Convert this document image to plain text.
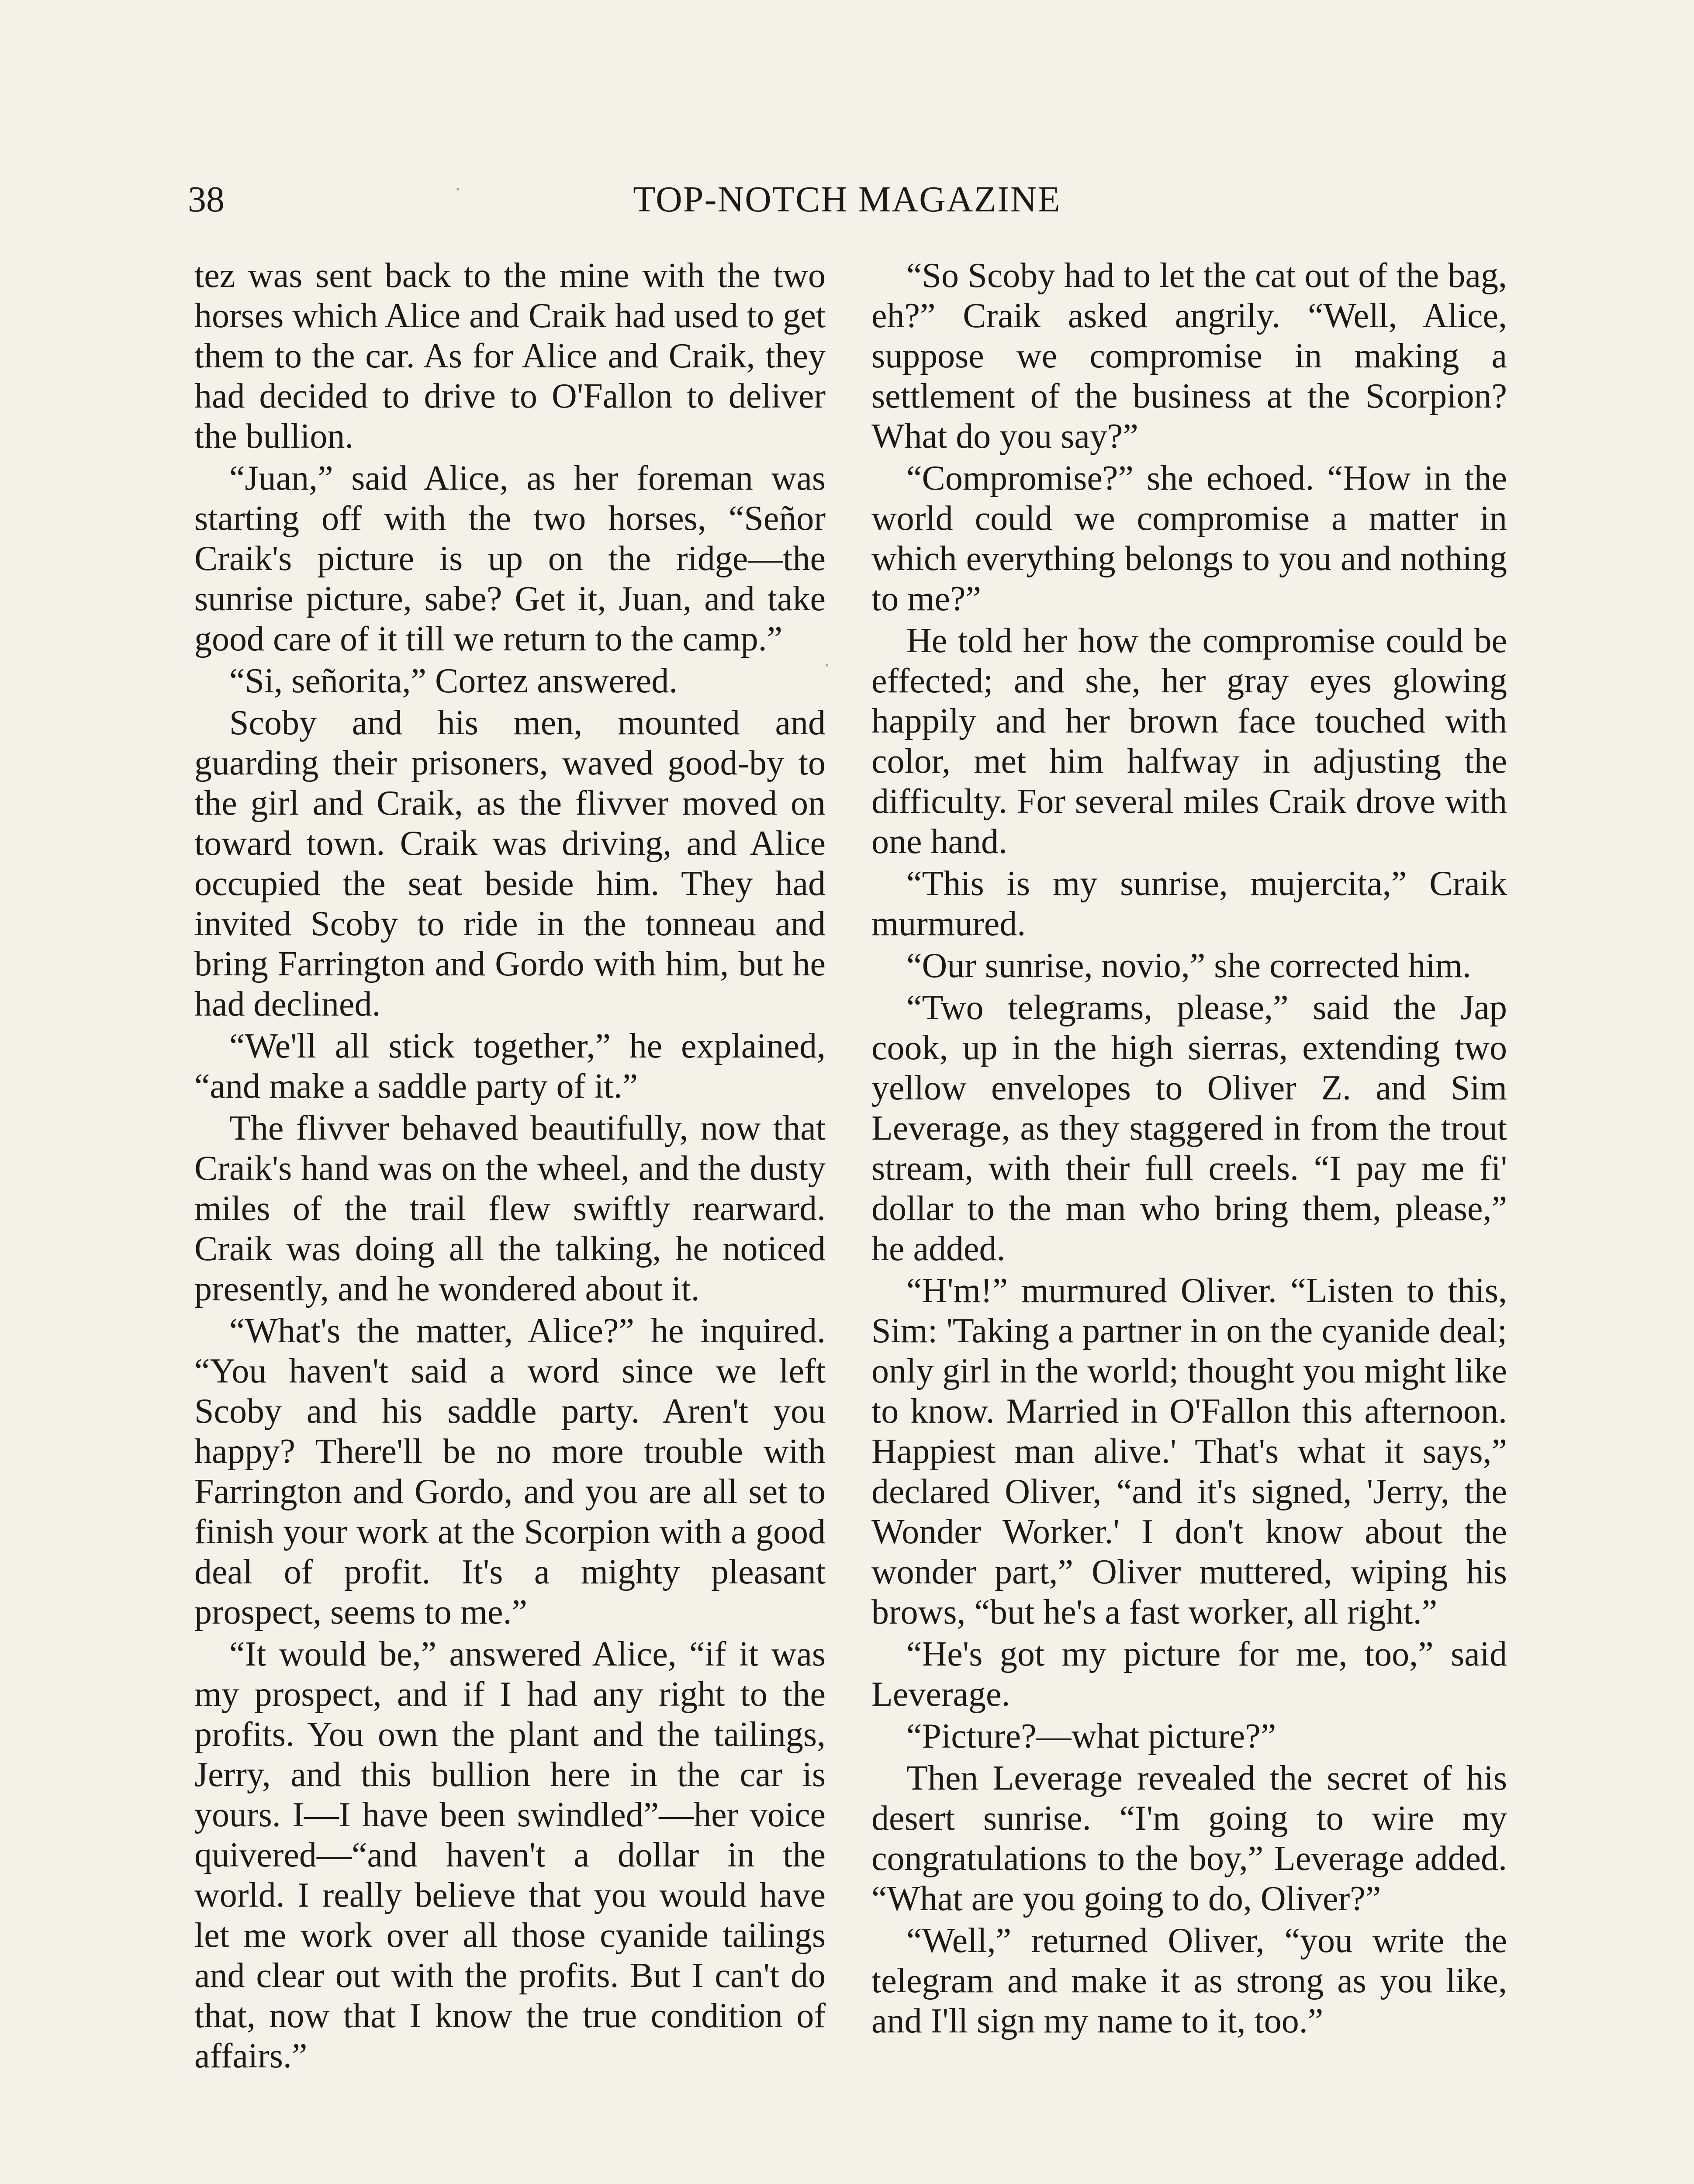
38	TOP-NOTCH MAGAZINE

tez was sent back to the mine with the two horses which Alice and Craik had used to get them to the car. As for Alice and Craik, they had decided to drive to O'Fallon to deliver the bullion.

“Juan,” said Alice, as her foreman was starting off with the two horses, “Señor Craik's picture is up on the ridge—the sunrise picture, sabe? Get it, Juan, and take good care of it till we return to the camp.”

“Si, señorita,” Cortez answered.

Scoby and his men, mounted and guarding their prisoners, waved good-by to the girl and Craik, as the flivver moved on toward town. Craik was driving, and Alice occupied the seat beside him. They had invited Scoby to ride in the tonneau and bring Farrington and Gordo with him, but he had declined.

“We'll all stick together,” he explained, “and make a saddle party of it.”

The flivver behaved beautifully, now that Craik's hand was on the wheel, and the dusty miles of the trail flew swiftly rearward. Craik was doing all the talking, he noticed presently, and he wondered about it.

“What's the matter, Alice?” he inquired. “You haven't said a word since we left Scoby and his saddle party. Aren't you happy? There'll be no more trouble with Farrington and Gordo, and you are all set to finish your work at the Scorpion with a good deal of profit. It's a mighty pleasant prospect, seems to me.”

“It would be,” answered Alice, “if it was my prospect, and if I had any right to the profits. You own the plant and the tailings, Jerry, and this bullion here in the car is yours. I—I have been swindled”—her voice quivered—“and haven't a dollar in the world. I really believe that you would have let me work over all those cyanide tailings and clear out with the profits. But I can't do that, now that I know the true condition of affairs.”

“So Scoby had to let the cat out of the bag, eh?” Craik asked angrily. “Well, Alice, suppose we compromise in making a settlement of the business at the Scorpion? What do you say?”

“Compromise?” she echoed. “How in the world could we compromise a matter in which everything belongs to you and nothing to me?”

He told her how the compromise could be effected; and she, her gray eyes glowing happily and her brown face touched with color, met him halfway in adjusting the difficulty. For several miles Craik drove with one hand.

“This is my sunrise, mujercita,” Craik murmured.

“Our sunrise, novio,” she corrected him.

“Two telegrams, please,” said the Jap cook, up in the high sierras, extending two yellow envelopes to Oliver Z. and Sim Leverage, as they staggered in from the trout stream, with their full creels. “I pay me fi' dollar to the man who bring them, please,” he added.

“H'm!” murmured Oliver. “Listen to this, Sim: 'Taking a partner in on the cyanide deal; only girl in the world; thought you might like to know. Married in O'Fallon this afternoon. Happiest man alive.' That's what it says,” declared Oliver, “and it's signed, 'Jerry, the Wonder Worker.' I don't know about the wonder part,” Oliver muttered, wiping his brows, “but he's a fast worker, all right.”

“He's got my picture for me, too,” said Leverage.

“Picture?—what picture?”

Then Leverage revealed the secret of his desert sunrise. “I'm going to wire my congratulations to the boy,” Leverage added. “What are you going to do, Oliver?”

“Well,” returned Oliver, “you write the telegram and make it as strong as you like, and I'll sign my name to it, too.”
